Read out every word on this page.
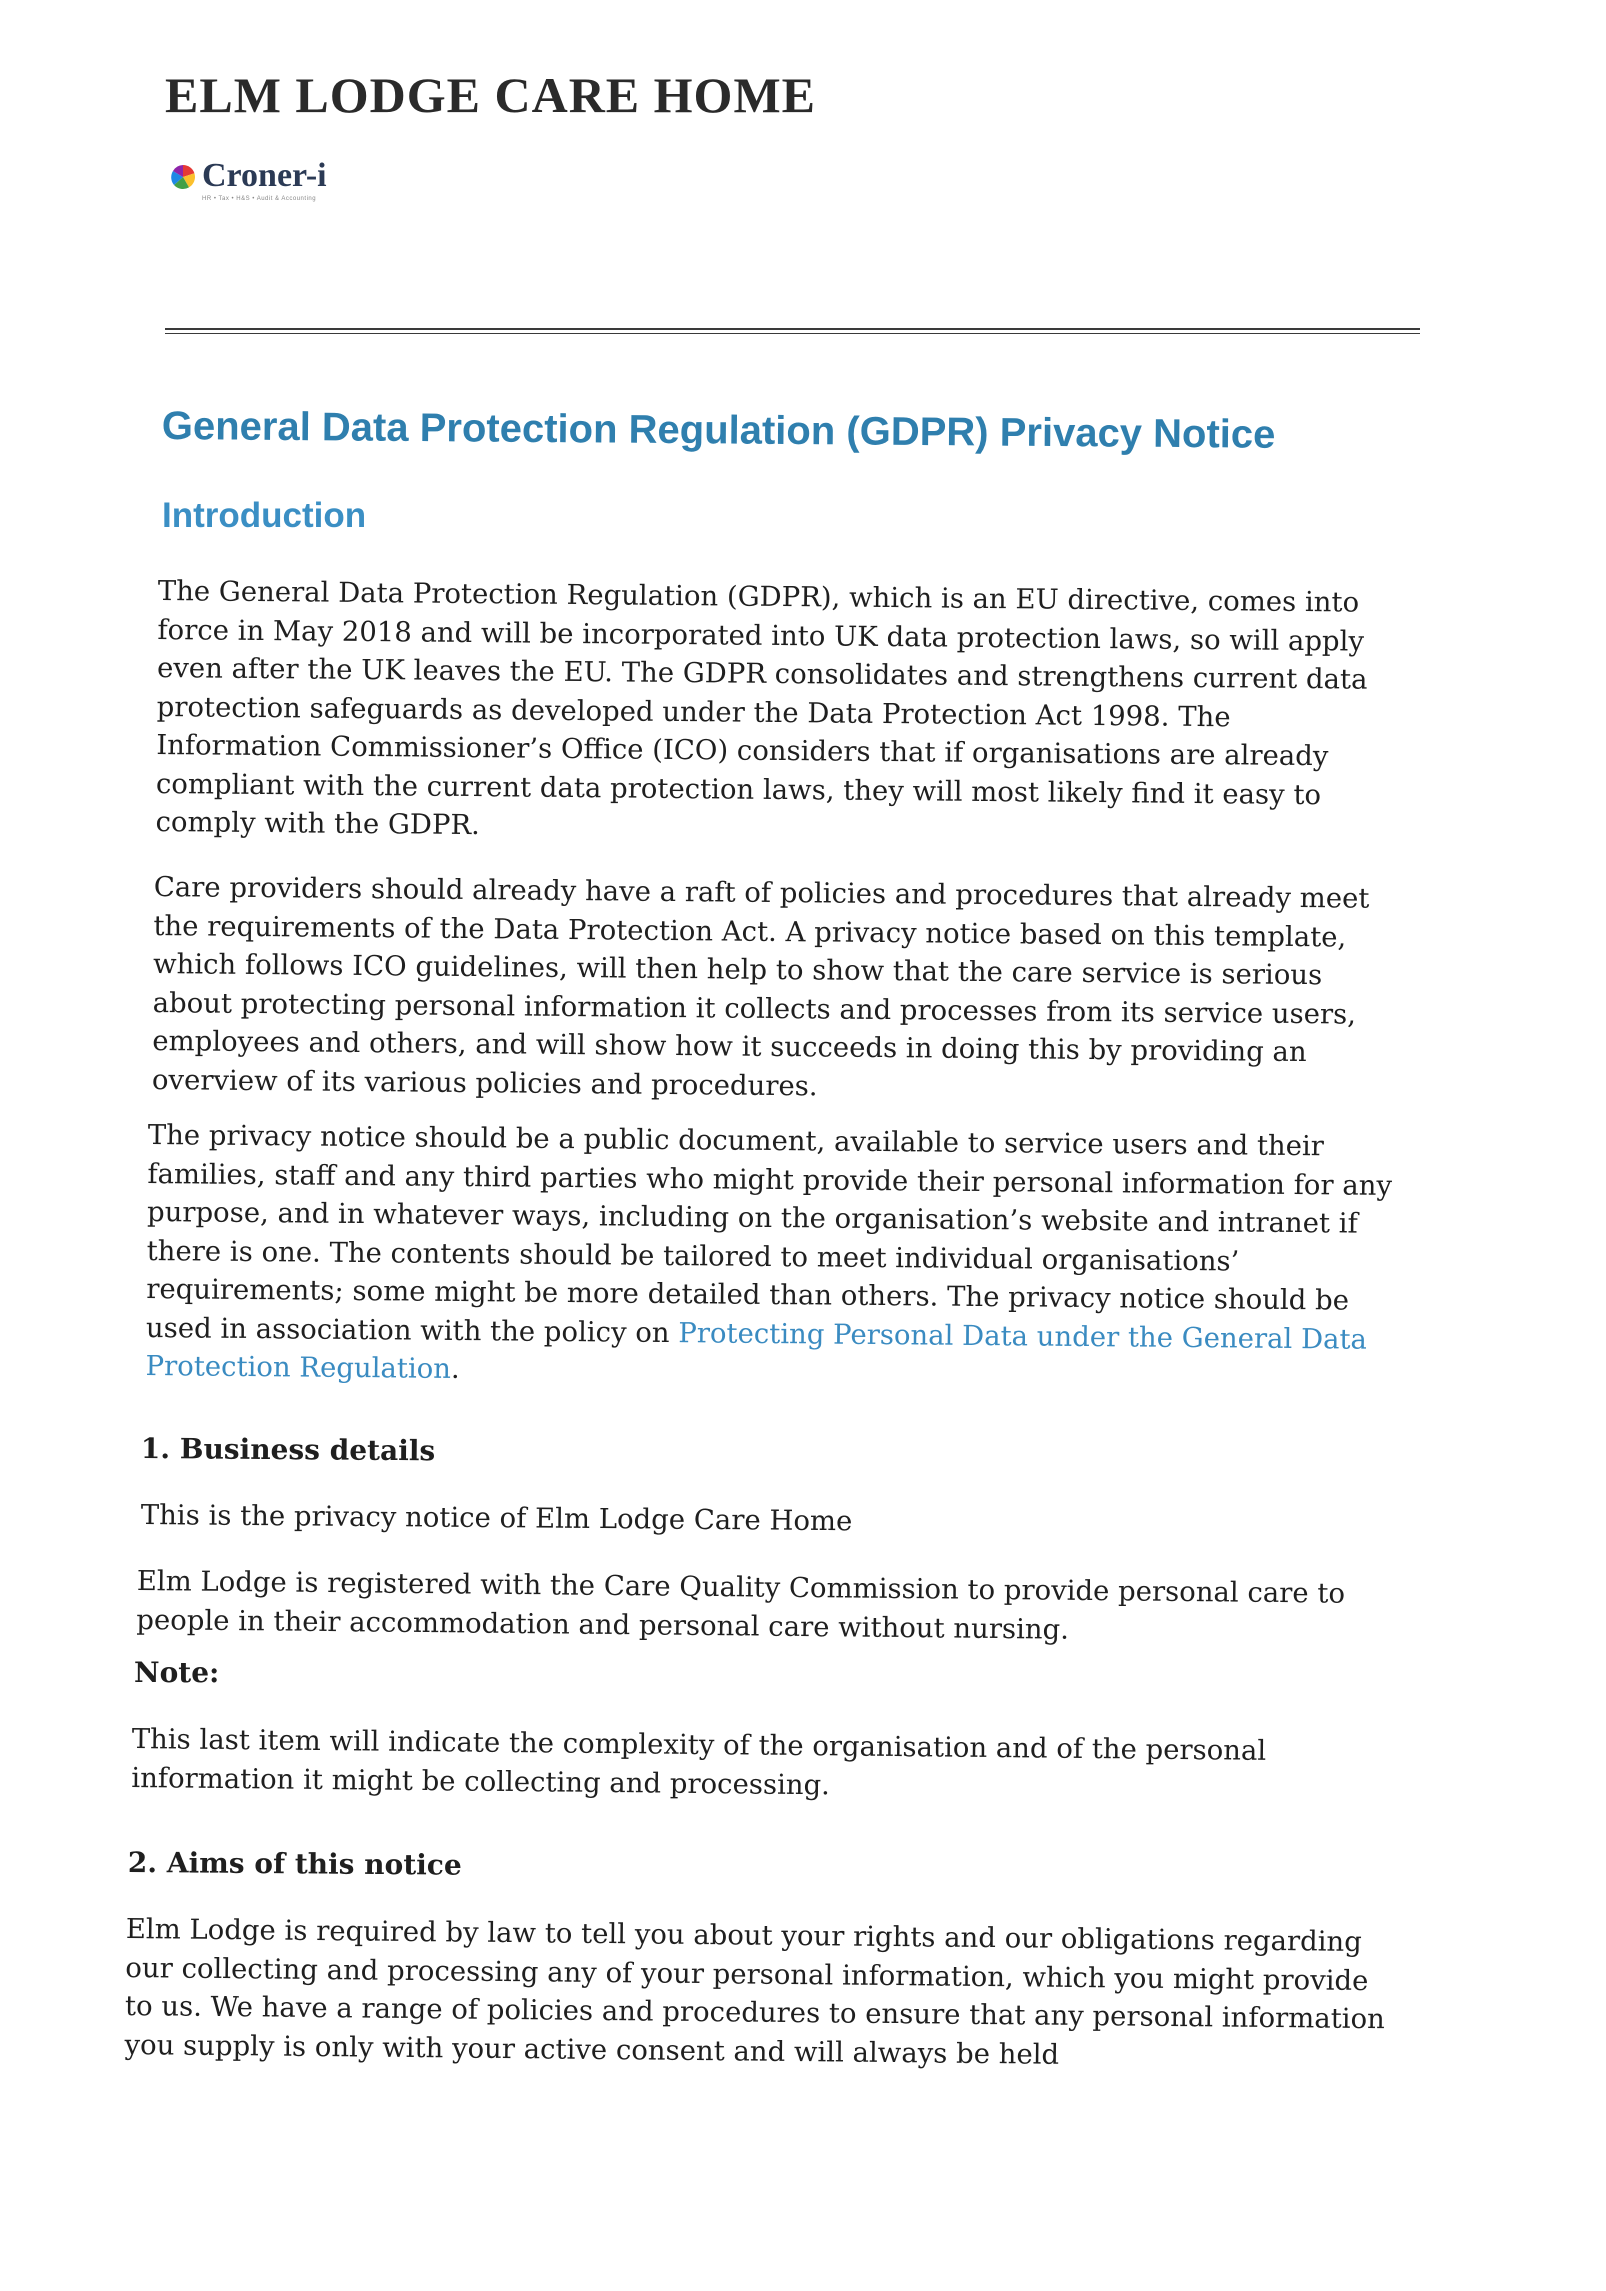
ELM LODGE CARE HOME
Croner-i
HR • Tax • H&S • Audit & Accounting
General Data Protection Regulation (GDPR) Privacy Notice
Introduction

The General Data Protection Regulation (GDPR), which is an EU directive, comes into force in May 2018 and will be incorporated into UK data protection laws, so will apply even after the UK leaves the EU. The GDPR consolidates and strengthens current data protection safeguards as developed under the Data Protection Act 1998. The Information Commissioner’s Office (ICO) considers that if organisations are already compliant with the current data protection laws, they will most likely find it easy to comply with the GDPR.

Care providers should already have a raft of policies and procedures that already meet the requirements of the Data Protection Act. A privacy notice based on this template, which follows ICO guidelines, will then help to show that the care service is serious about protecting personal information it collects and processes from its service users, employees and others, and will show how it succeeds in doing this by providing an overview of its various policies and procedures.

The privacy notice should be a public document, available to service users and their families, staff and any third parties who might provide their personal information for any purpose, and in whatever ways, including on the organisation’s website and intranet if there is one. The contents should be tailored to meet individual organisations’ requirements; some might be more detailed than others. The privacy notice should be used in association with the policy on Protecting Personal Data under the General Data Protection Regulation.

1. Business details

This is the privacy notice of Elm Lodge Care Home

Elm Lodge is registered with the Care Quality Commission to provide personal care to people in their accommodation and personal care without nursing.

Note:

This last item will indicate the complexity of the organisation and of the personal information it might be collecting and processing.

2. Aims of this notice

Elm Lodge is required by law to tell you about your rights and our obligations regarding our collecting and processing any of your personal information, which you might provide to us. We have a range of policies and procedures to ensure that any personal information you supply is only with your active consent and will always be held
